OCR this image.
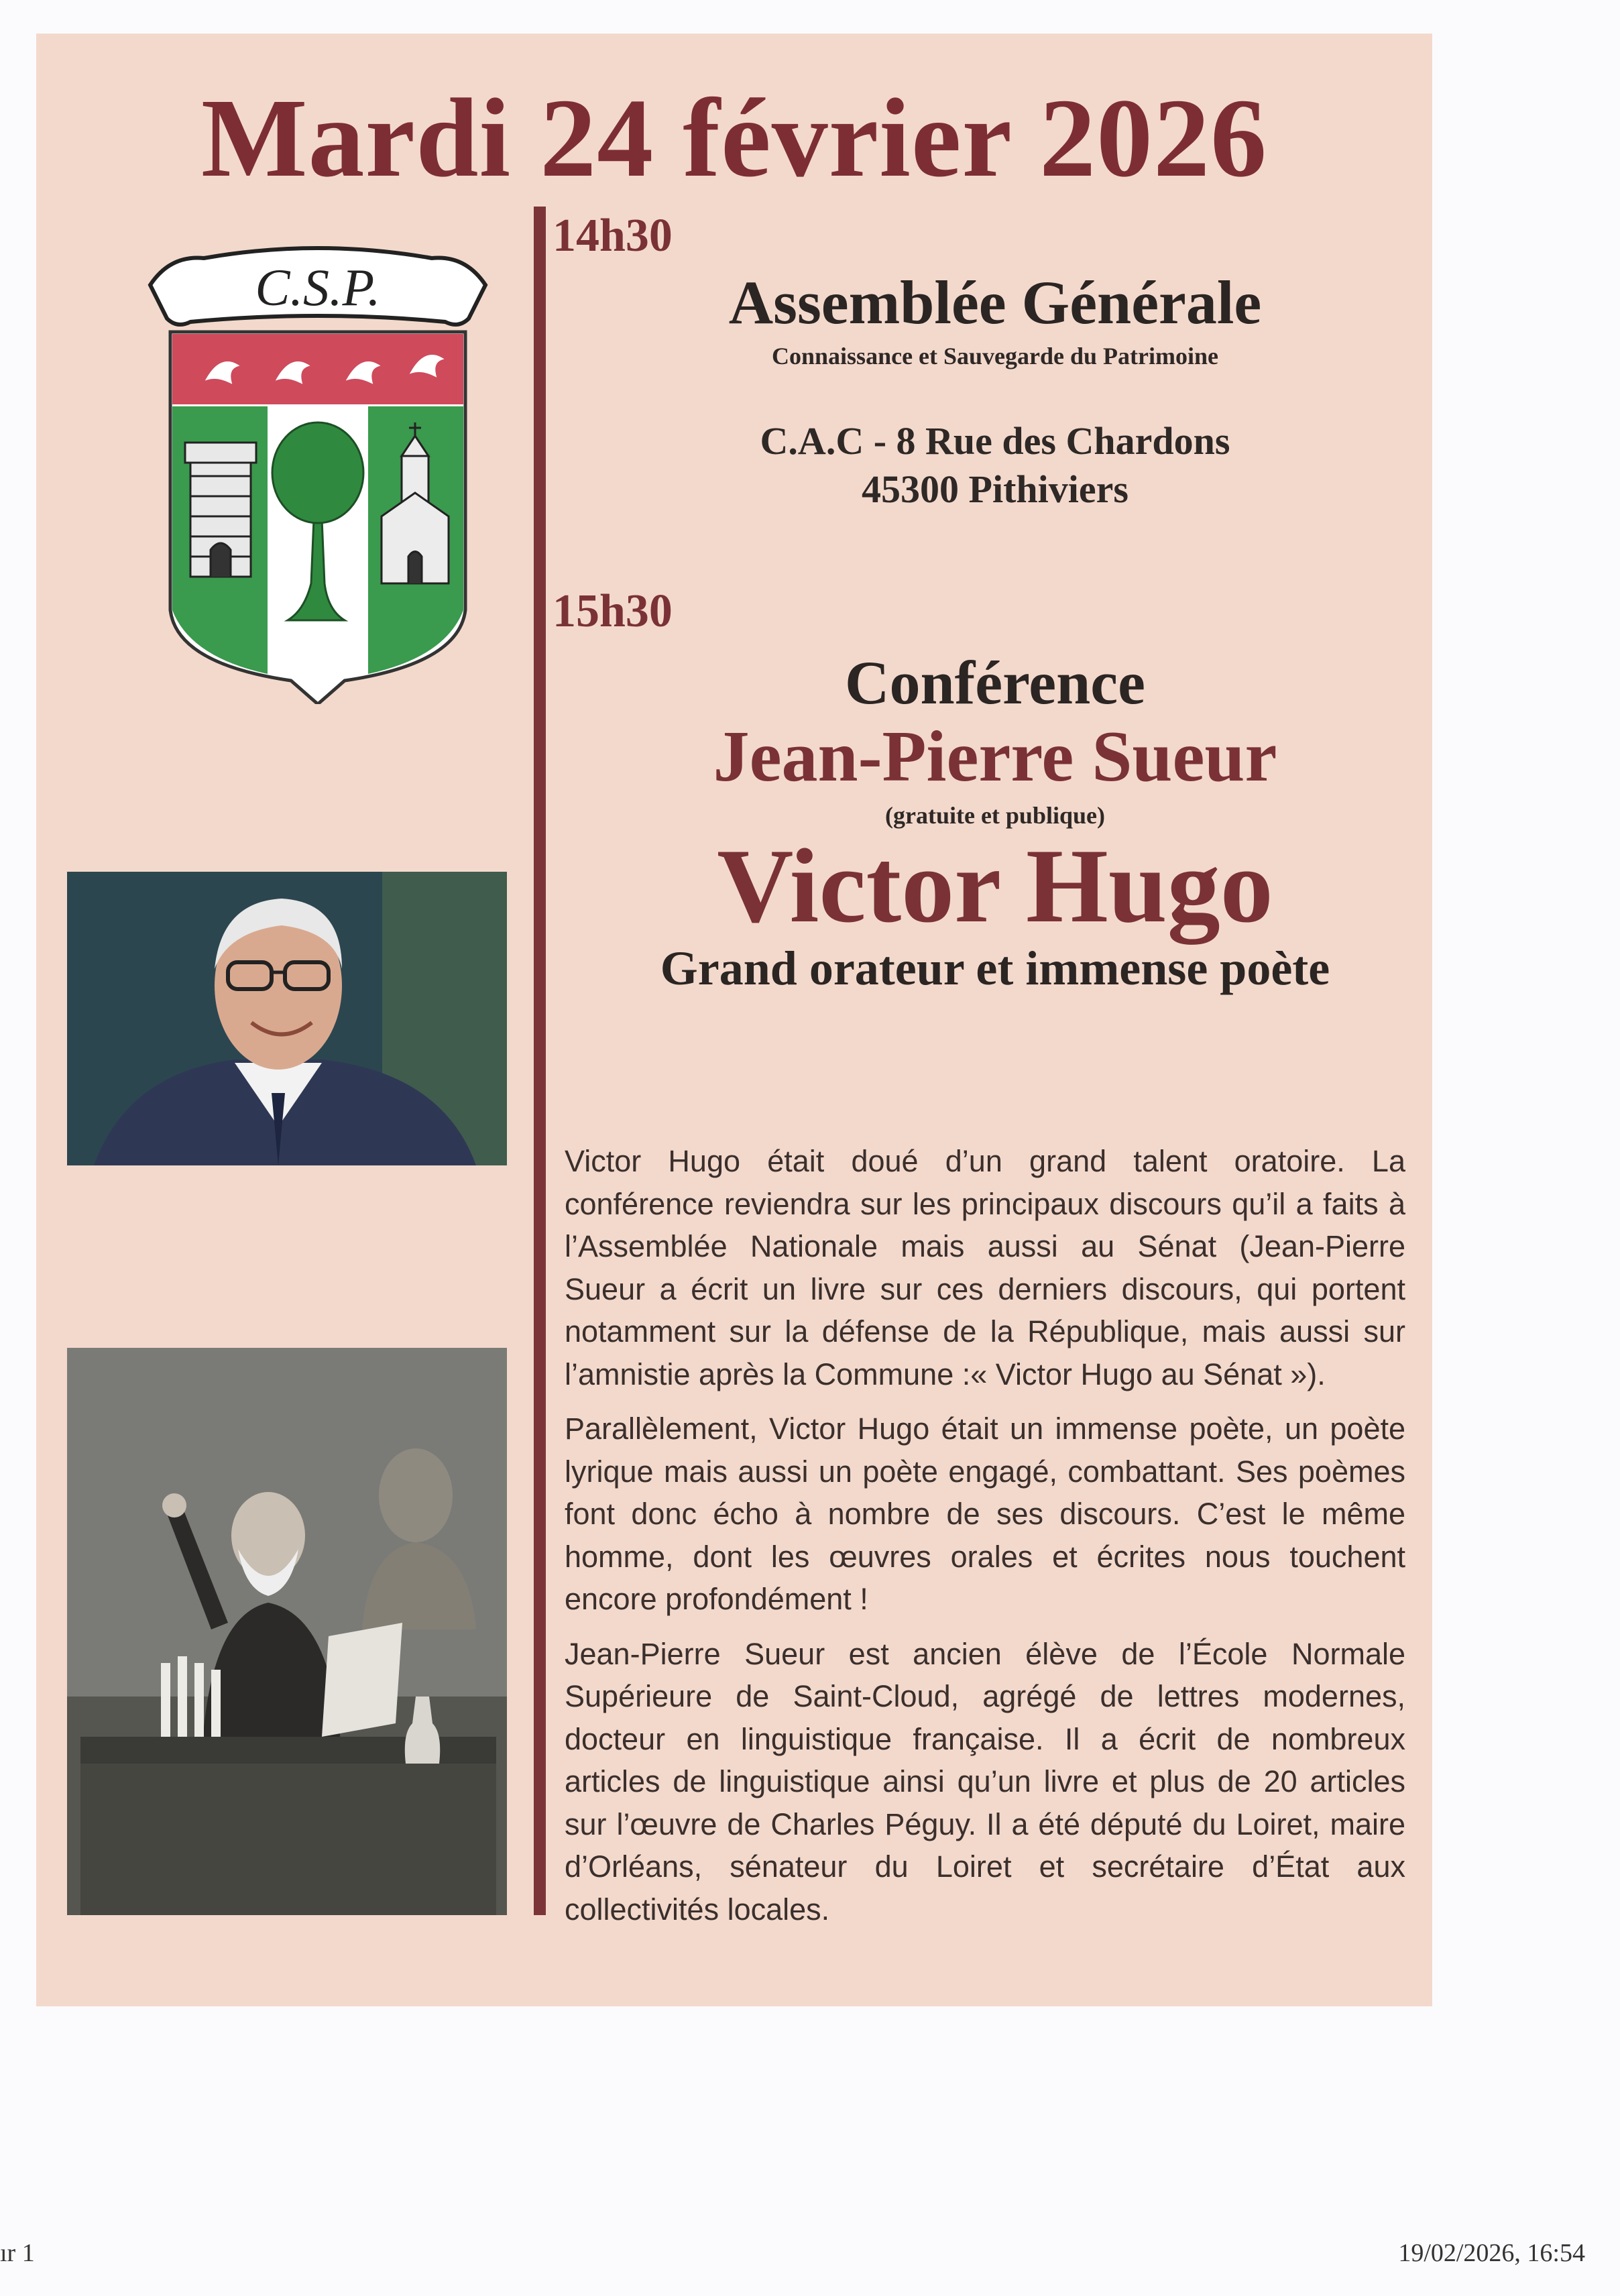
Mardi 24 février 2026
C.S.P.
14h30
Assemblée Générale
Connaissance et Sauvegarde du Patrimoine
C.A.C - 8 Rue des Chardons
45300 Pithiviers
15h30
Conférence
Jean-Pierre Sueur
(gratuite et publique)
Victor Hugo
Grand orateur et immense poète

Victor Hugo était doué d’un grand talent oratoire. La conférence reviendra sur les principaux discours qu’il a faits à l’Assemblée Nationale mais aussi au Sénat (Jean-Pierre Sueur a écrit un livre sur ces derniers discours, qui portent notamment sur la défense de la République, mais aussi sur l’amnistie après la Commune :« Victor Hugo au Sénat »).

Parallèlement, Victor Hugo était un immense poète, un poète lyrique mais aussi un poète engagé, combattant. Ses poèmes font donc écho à nombre de ses discours. C’est le même homme, dont les œuvres orales et écrites nous touchent encore profondément !

Jean-Pierre Sueur est ancien élève de l’École Normale Supérieure de Saint-Cloud, agrégé de lettres modernes, docteur en linguistique française. Il a écrit de nombreux articles de linguistique ainsi qu’un livre et plus de 20 articles sur l’œuvre de Charles Péguy. Il a été député du Loiret, maire d’Orléans, sénateur du Loiret et secrétaire d’État aux collectivités locales.

ır 1	19/02/2026, 16:54
